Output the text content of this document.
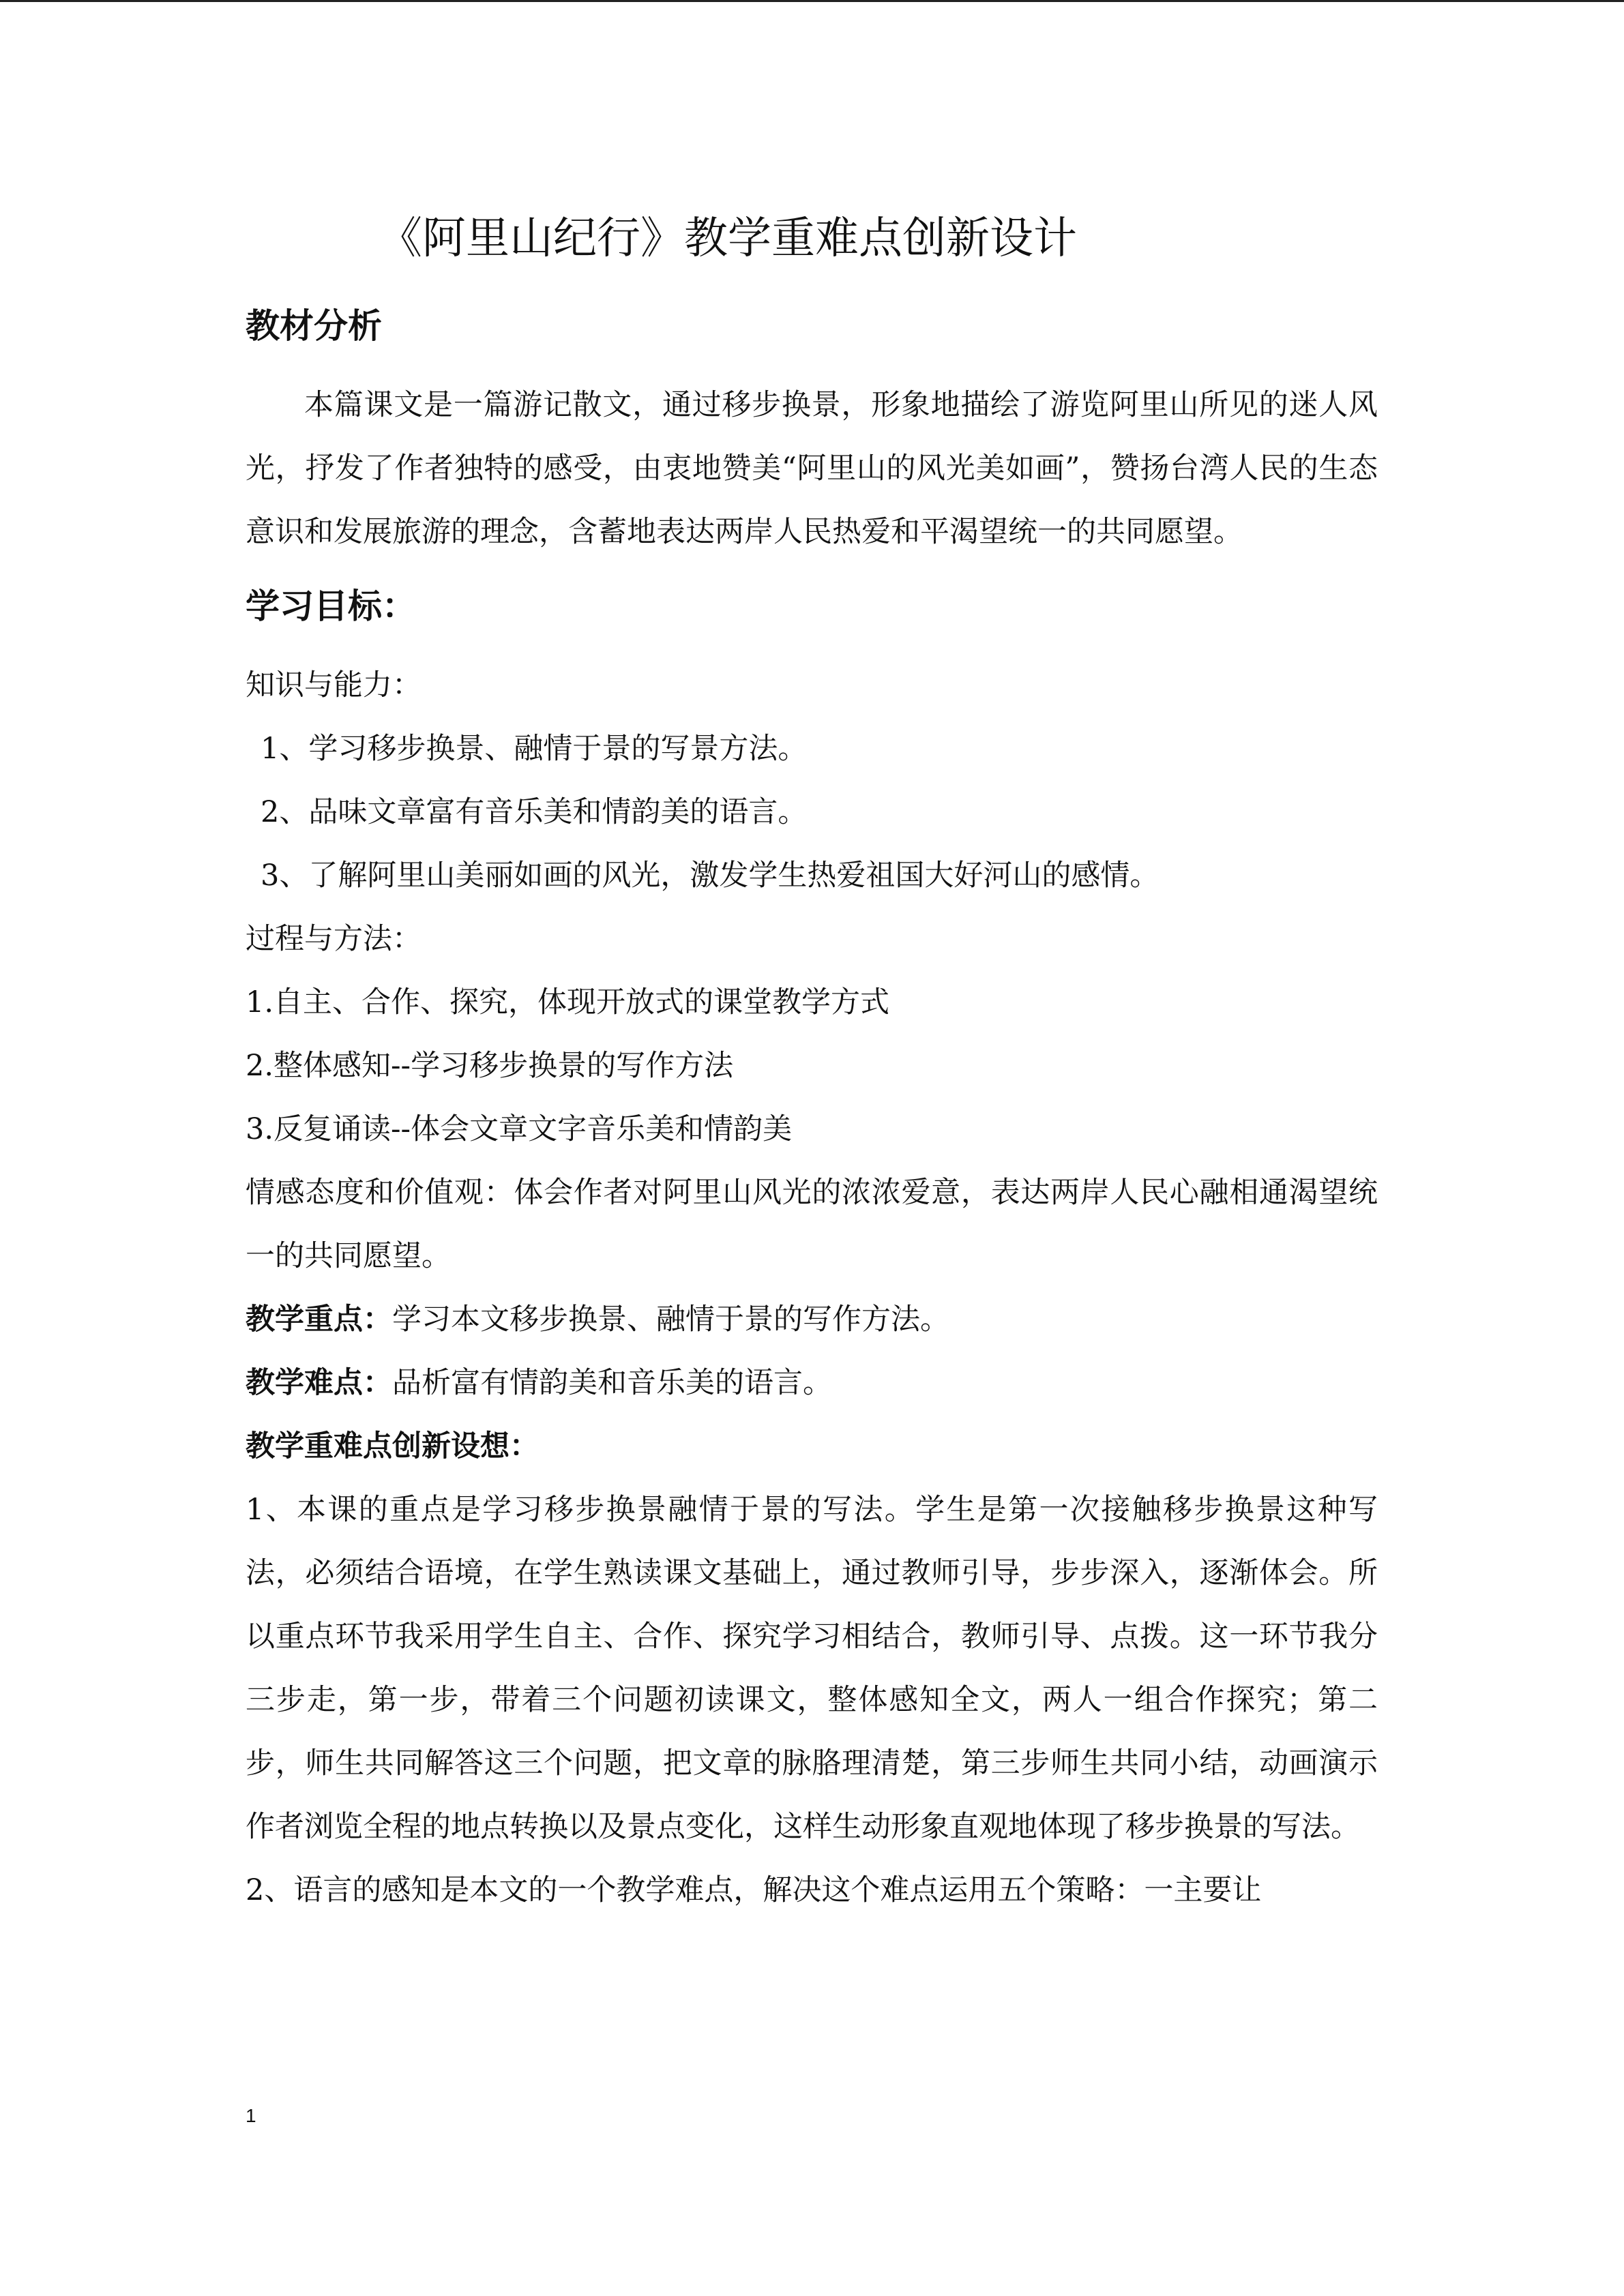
《阿里山纪行》教学重难点创新设计
教材分析

本篇课文是一篇游记散文，通过移步换景，形象地描绘了游览阿里山所见的迷人风光，抒发了作者独特的感受，由衷地赞美“阿里山的风光美如画”，赞扬台湾人民的生态意识和发展旅游的理念，含蓄地表达两岸人民热爱和平渴望统一的共同愿望。

学习目标：

知识与能力：

1、学习移步换景、融情于景的写景方法。

2、品味文章富有音乐美和情韵美的语言。

3、了解阿里山美丽如画的风光，激发学生热爱祖国大好河山的感情。

过程与方法：

1.自主、合作、探究，体现开放式的课堂教学方式

2.整体感知--学习移步换景的写作方法

3.反复诵读--体会文章文字音乐美和情韵美

情感态度和价值观：体会作者对阿里山风光的浓浓爱意，表达两岸人民心融相通渴望统一的共同愿望。

教学重点：学习本文移步换景、融情于景的写作方法。

教学难点：品析富有情韵美和音乐美的语言。

教学重难点创新设想：

1、本课的重点是学习移步换景融情于景的写法。学生是第一次接触移步换景这种写法，必须结合语境，在学生熟读课文基础上，通过教师引导，步步深入，逐渐体会。所以重点环节我采用学生自主、合作、探究学习相结合，教师引导、点拨。这一环节我分三步走，第一步，带着三个问题初读课文，整体感知全文，两人一组合作探究；第二步，师生共同解答这三个问题，把文章的脉胳理清楚，第三步师生共同小结，动画演示作者浏览全程的地点转换以及景点变化，这样生动形象直观地体现了移步换景的写法。

2、语言的感知是本文的一个教学难点，解决这个难点运用五个策略：一主要让

1
